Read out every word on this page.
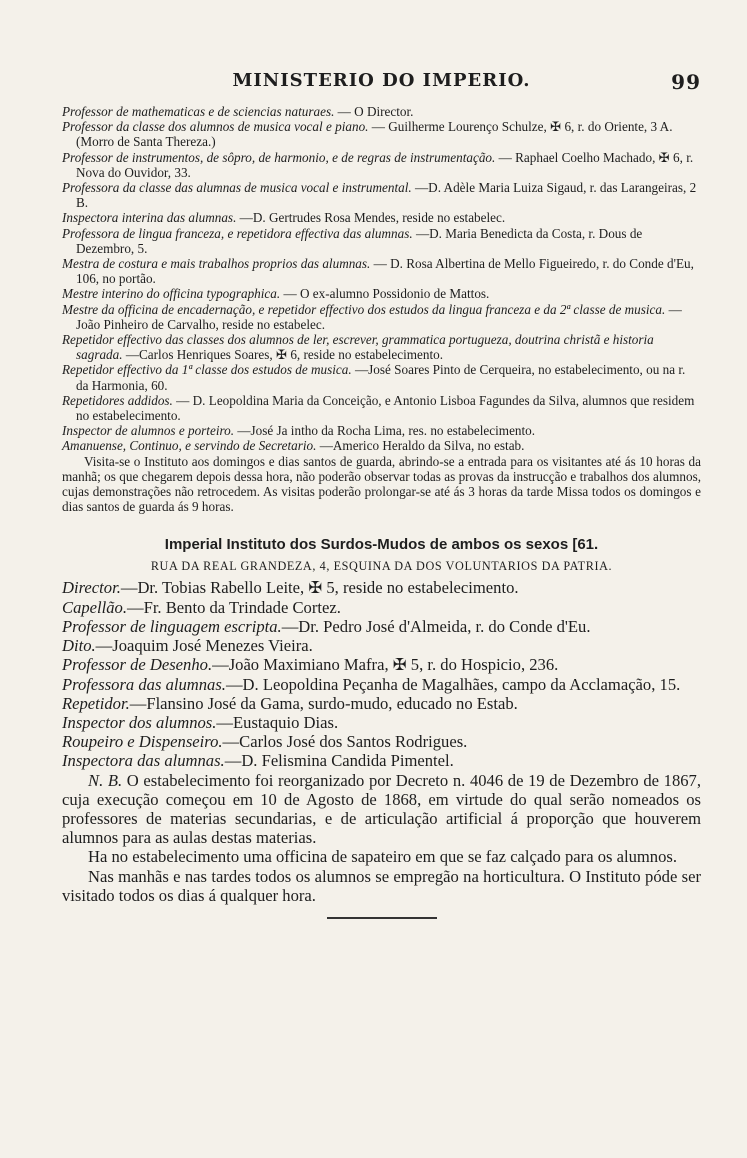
MINISTERIO DO IMPERIO.	99

Professor de mathematicas e de sciencias naturaes. — O Director.

Professor da classe dos alumnos de musica vocal e piano. — Guilherme Lourenço Schulze, ✠ 6, r. do Oriente, 3 A. (Morro de Santa Thereza.)

Professor de instrumentos, de sôpro, de harmonio, e de regras de instrumentação. — Raphael Coelho Machado, ✠ 6, r. Nova do Ouvidor, 33.

Professora da classe das alumnas de musica vocal e instrumental. —D. Adèle Maria Luiza Sigaud, r. das Larangeiras, 2 B.

Inspectora interina das alumnas. —D. Gertrudes Rosa Mendes, reside no estabelec.

Professora de lingua franceza, e repetidora effectiva das alumnas. —D. Maria Benedicta da Costa, r. Dous de Dezembro, 5.

Mestra de costura e mais trabalhos proprios das alumnas. — D. Rosa Albertina de Mello Figueiredo, r. do Conde d'Eu, 106, no portão.

Mestre interino do officina typographica. — O ex-alumno Possidonio de Mattos.

Mestre da officina de encadernação, e repetidor effectivo dos estudos da lingua franceza e da 2ª classe de musica. —João Pinheiro de Carvalho, reside no estabelec.

Repetidor effectivo das classes dos alumnos de ler, escrever, grammatica portugueza, doutrina christã e historia sagrada. —Carlos Henriques Soares, ✠ 6, reside no estabelecimento.

Repetidor effectivo da 1ª classe dos estudos de musica. —José Soares Pinto de Cerqueira, no estabelecimento, ou na r. da Harmonia, 60.

Repetidores addidos. — D. Leopoldina Maria da Conceição, e Antonio Lisboa Fagundes da Silva, alumnos que residem no estabelecimento.

Inspector de alumnos e porteiro. —José Ja intho da Rocha Lima, res. no estabelecimento.

Amanuense, Continuo, e servindo de Secretario. —Americo Heraldo da Silva, no estab.

Visita-se o Instituto aos domingos e dias santos de guarda, abrindo-se a entrada para os visitantes até ás 10 horas da manhã; os que chegarem depois dessa hora, não poderão observar todas as provas da instrucção e trabalhos dos alumnos, cujas demonstrações não retrocedem. As visitas poderão prolongar-se até ás 3 horas da tarde Missa todos os domingos e dias santos de guarda ás 9 horas.

Imperial Instituto dos Surdos-Mudos de ambos os sexos [61.
RUA DA REAL GRANDEZA, 4, ESQUINA DA DOS VOLUNTARIOS DA PATRIA.

Director.—Dr. Tobias Rabello Leite, ✠ 5, reside no estabelecimento.

Capellão.—Fr. Bento da Trindade Cortez.

Professor de linguagem escripta.—Dr. Pedro José d'Almeida, r. do Conde d'Eu.

Dito.—Joaquim José Menezes Vieira.

Professor de Desenho.—João Maximiano Mafra, ✠ 5, r. do Hospicio, 236.

Professora das alumnas.—D. Leopoldina Peçanha de Magalhães, campo da Acclamação, 15.

Repetidor.—Flansino José da Gama, surdo-mudo, educado no Estab.

Inspector dos alumnos.—Eustaquio Dias.

Roupeiro e Dispenseiro.—Carlos José dos Santos Rodrigues.

Inspectora das alumnas.—D. Felismina Candida Pimentel.

N. B. O estabelecimento foi reorganizado por Decreto n. 4046 de 19 de Dezembro de 1867, cuja execução começou em 10 de Agosto de 1868, em virtude do qual serão nomeados os professores de materias secundarias, e de articulação artificial á proporção que houverem alumnos para as aulas destas materias.

Ha no estabelecimento uma officina de sapateiro em que se faz calçado para os alumnos.

Nas manhãs e nas tardes todos os alumnos se empregão na horticultura. O Instituto póde ser visitado todos os dias á qualquer hora.
